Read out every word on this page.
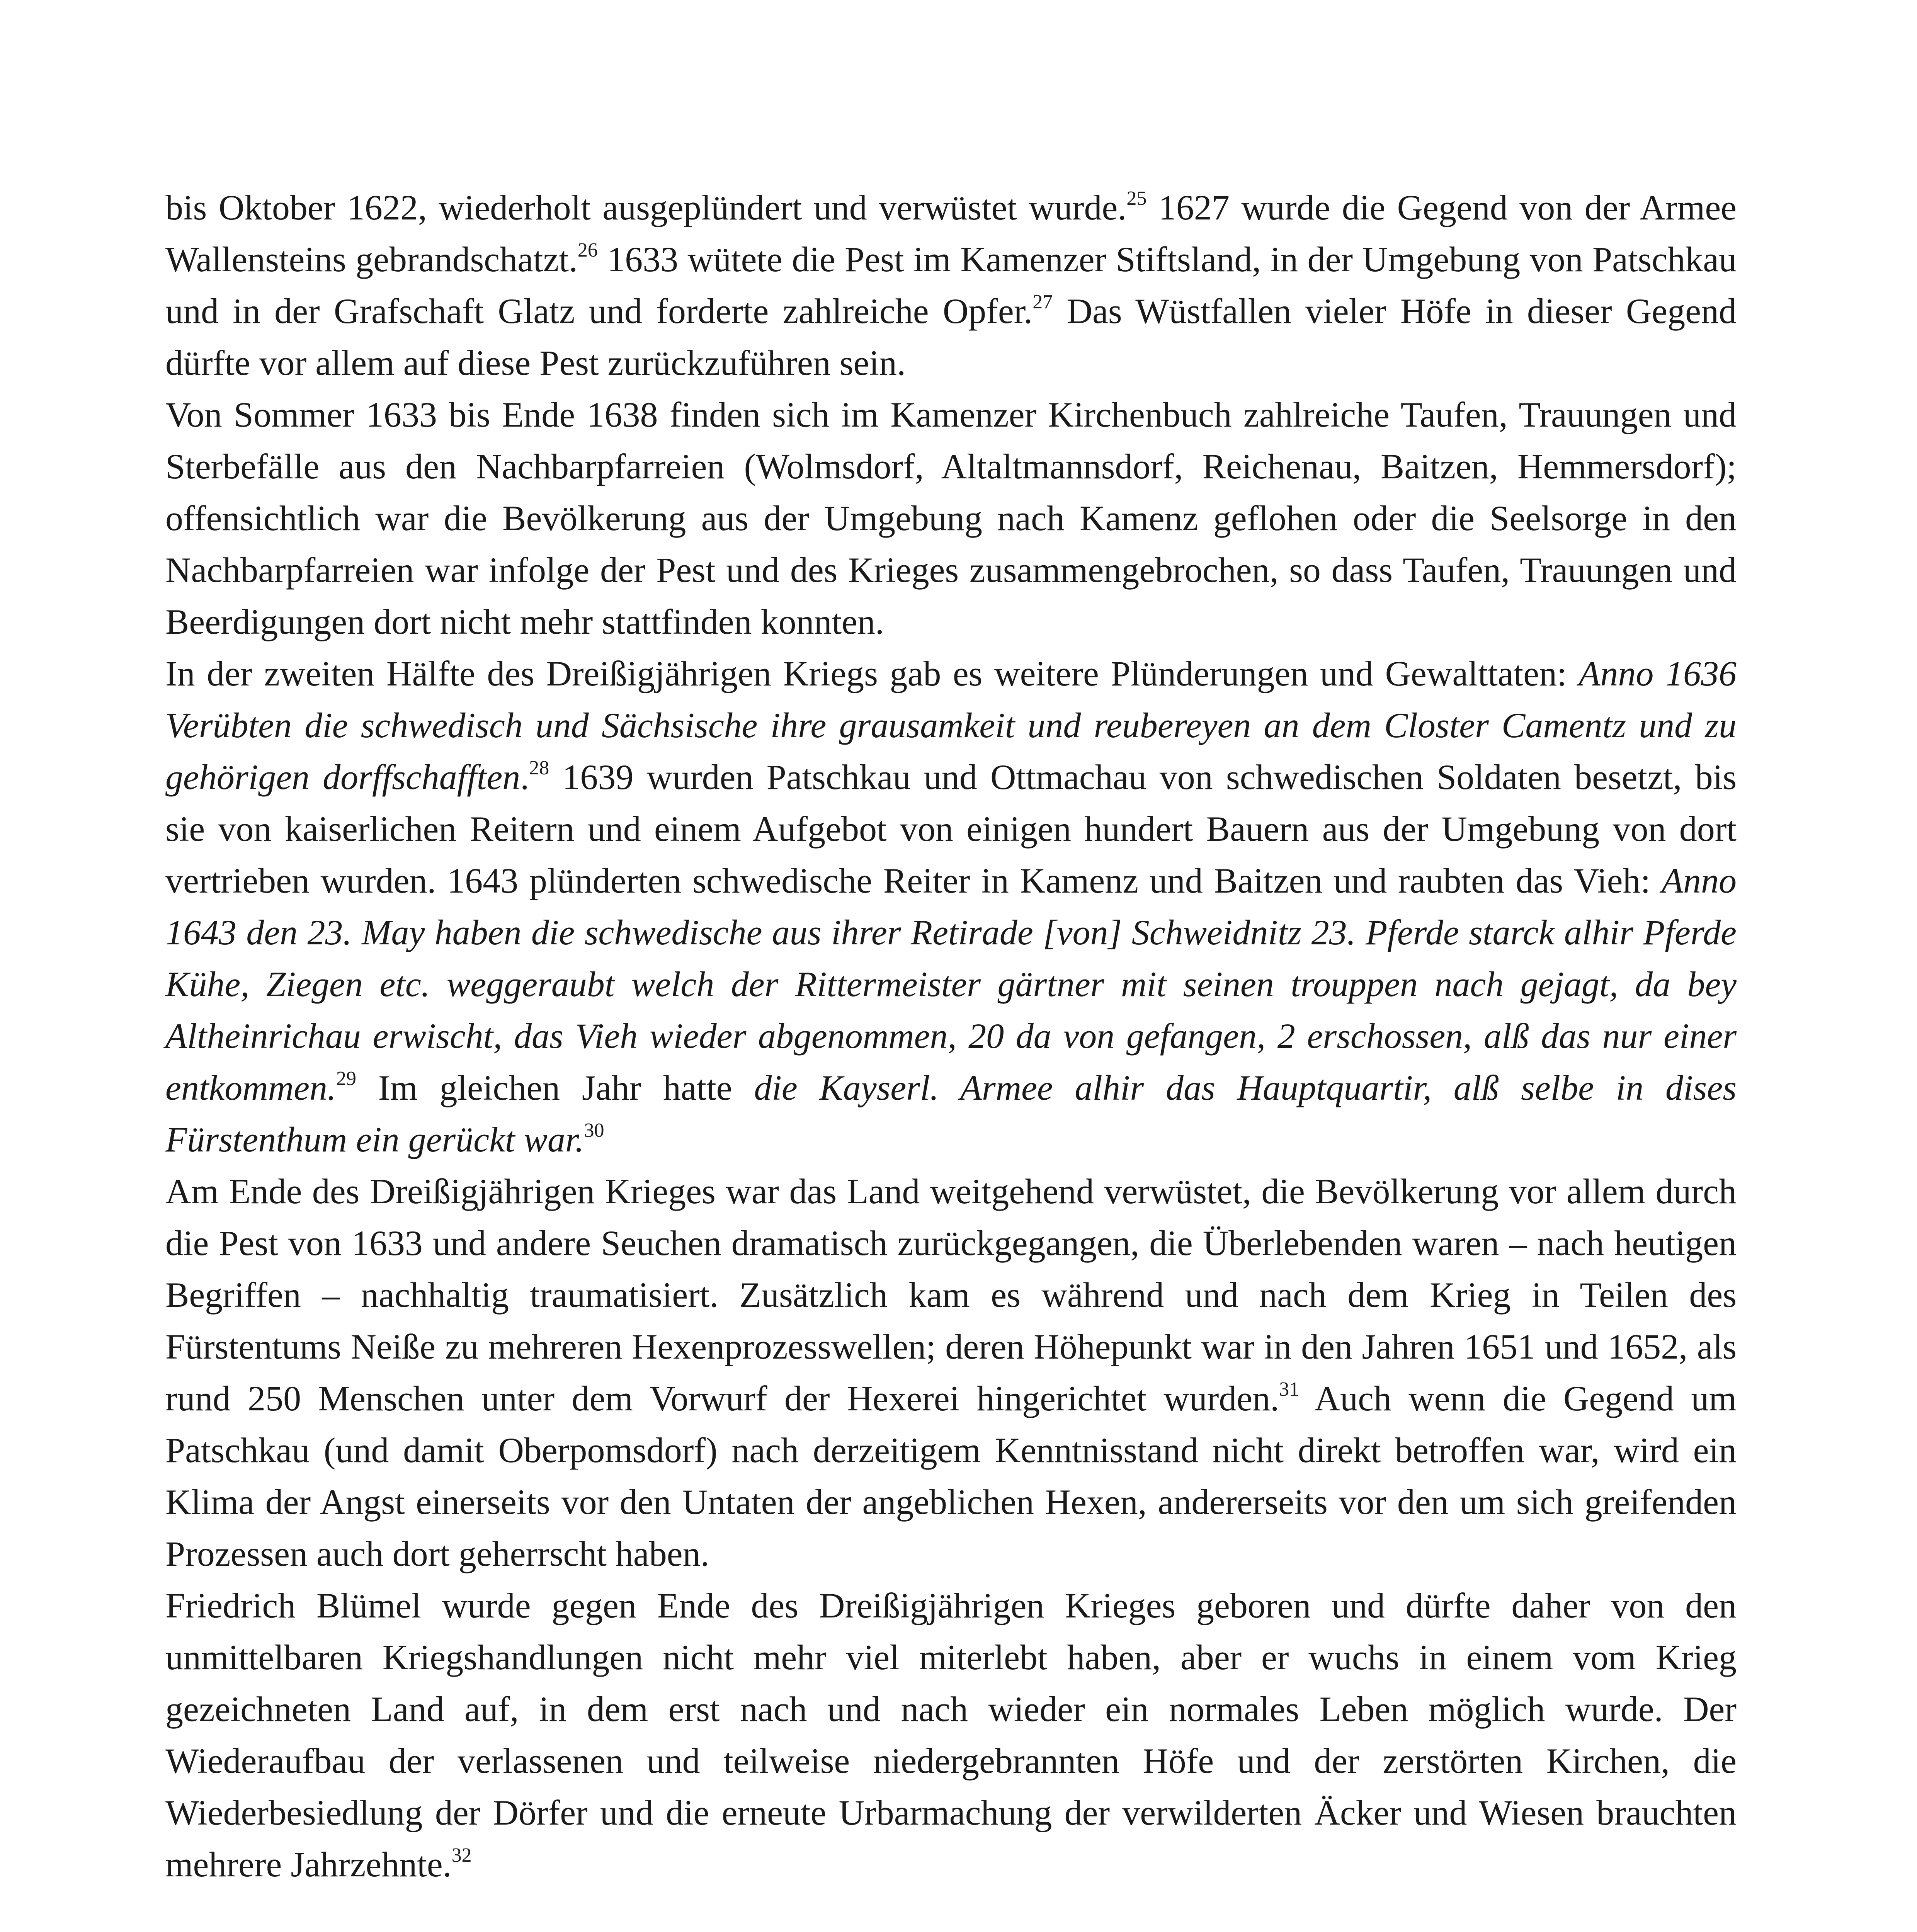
bis Oktober 1622, wiederholt ausgeplündert und verwüstet wurde.$^{25}$ 1627 wurde die Gegend von der Armee Wallensteins gebrandschatzt.$^{26}$ 1633 wütete die Pest im Kamenzer Stiftsland, in der Umgebung von Patschkau und in der Grafschaft Glatz und forderte zahlreiche Opfer.$^{27}$ Das Wüstfallen vieler Höfe in dieser Gegend dürfte vor allem auf diese Pest zurückzuführen sein.

Von Sommer 1633 bis Ende 1638 finden sich im Kamenzer Kirchenbuch zahlreiche Taufen, Trauungen und Sterbefälle aus den Nachbarpfarreien (Wolmsdorf, Altaltmannsdorf, Reichenau, Baitzen, Hemmersdorf); offensichtlich war die Bevölkerung aus der Umgebung nach Kamenz geflohen oder die Seelsorge in den Nachbarpfarreien war infolge der Pest und des Krieges zusammengebrochen, so dass Taufen, Trauungen und Beerdigungen dort nicht mehr stattfinden konnten.

In der zweiten Hälfte des Dreißigjährigen Kriegs gab es weitere Plünderungen und Gewalttaten: Anno 1636 Verübten die schwedisch und Sächsische ihre grausamkeit und reubereyen an dem Closter Camentz und zu gehörigen dorffschafften.$^{28}$ 1639 wurden Patschkau und Ottmachau von schwedischen Soldaten besetzt, bis sie von kaiserlichen Reitern und einem Aufgebot von einigen hundert Bauern aus der Umgebung von dort vertrieben wurden. 1643 plünderten schwedische Reiter in Kamenz und Baitzen und raubten das Vieh: Anno 1643 den 23. May haben die schwedische aus ihrer Retirade [von] Schweidnitz 23. Pferde starck alhir Pferde Kühe, Ziegen etc. weggeraubt welch der Rittermeister gärtner mit seinen trouppen nach gejagt, da bey Altheinrichau erwischt, das Vieh wieder abgenommen, 20 da von gefangen, 2 erschossen, alß das nur einer entkommen.$^{29}$ Im gleichen Jahr hatte die Kayserl. Armee alhir das Hauptquartir, alß selbe in dises Fürstenthum ein gerückt war.$^{30}$

Am Ende des Dreißigjährigen Krieges war das Land weitgehend verwüstet, die Bevölkerung vor allem durch die Pest von 1633 und andere Seuchen dramatisch zurückgegangen, die Überlebenden waren – nach heutigen Begriffen – nachhaltig traumatisiert. Zusätzlich kam es während und nach dem Krieg in Teilen des Fürstentums Neiße zu mehreren Hexenprozesswellen; deren Höhepunkt war in den Jahren 1651 und 1652, als rund 250 Menschen unter dem Vorwurf der Hexerei hingerichtet wurden.$^{31}$ Auch wenn die Gegend um Patschkau (und damit Oberpomsdorf) nach derzeitigem Kenntnisstand nicht direkt betroffen war, wird ein Klima der Angst einerseits vor den Untaten der angeblichen Hexen, andererseits vor den um sich greifenden Prozessen auch dort geherrscht haben.

Friedrich Blümel wurde gegen Ende des Dreißigjährigen Krieges geboren und dürfte daher von den unmittelbaren Kriegshandlungen nicht mehr viel miterlebt haben, aber er wuchs in einem vom Krieg gezeichneten Land auf, in dem erst nach und nach wieder ein normales Leben möglich wurde. Der Wiederaufbau der verlassenen und teilweise niedergebrannten Höfe und der zerstörten Kirchen, die Wiederbesiedlung der Dörfer und die erneute Urbarmachung der verwilderten Äcker und Wiesen brauchten mehrere Jahrzehnte.$^{32}$
